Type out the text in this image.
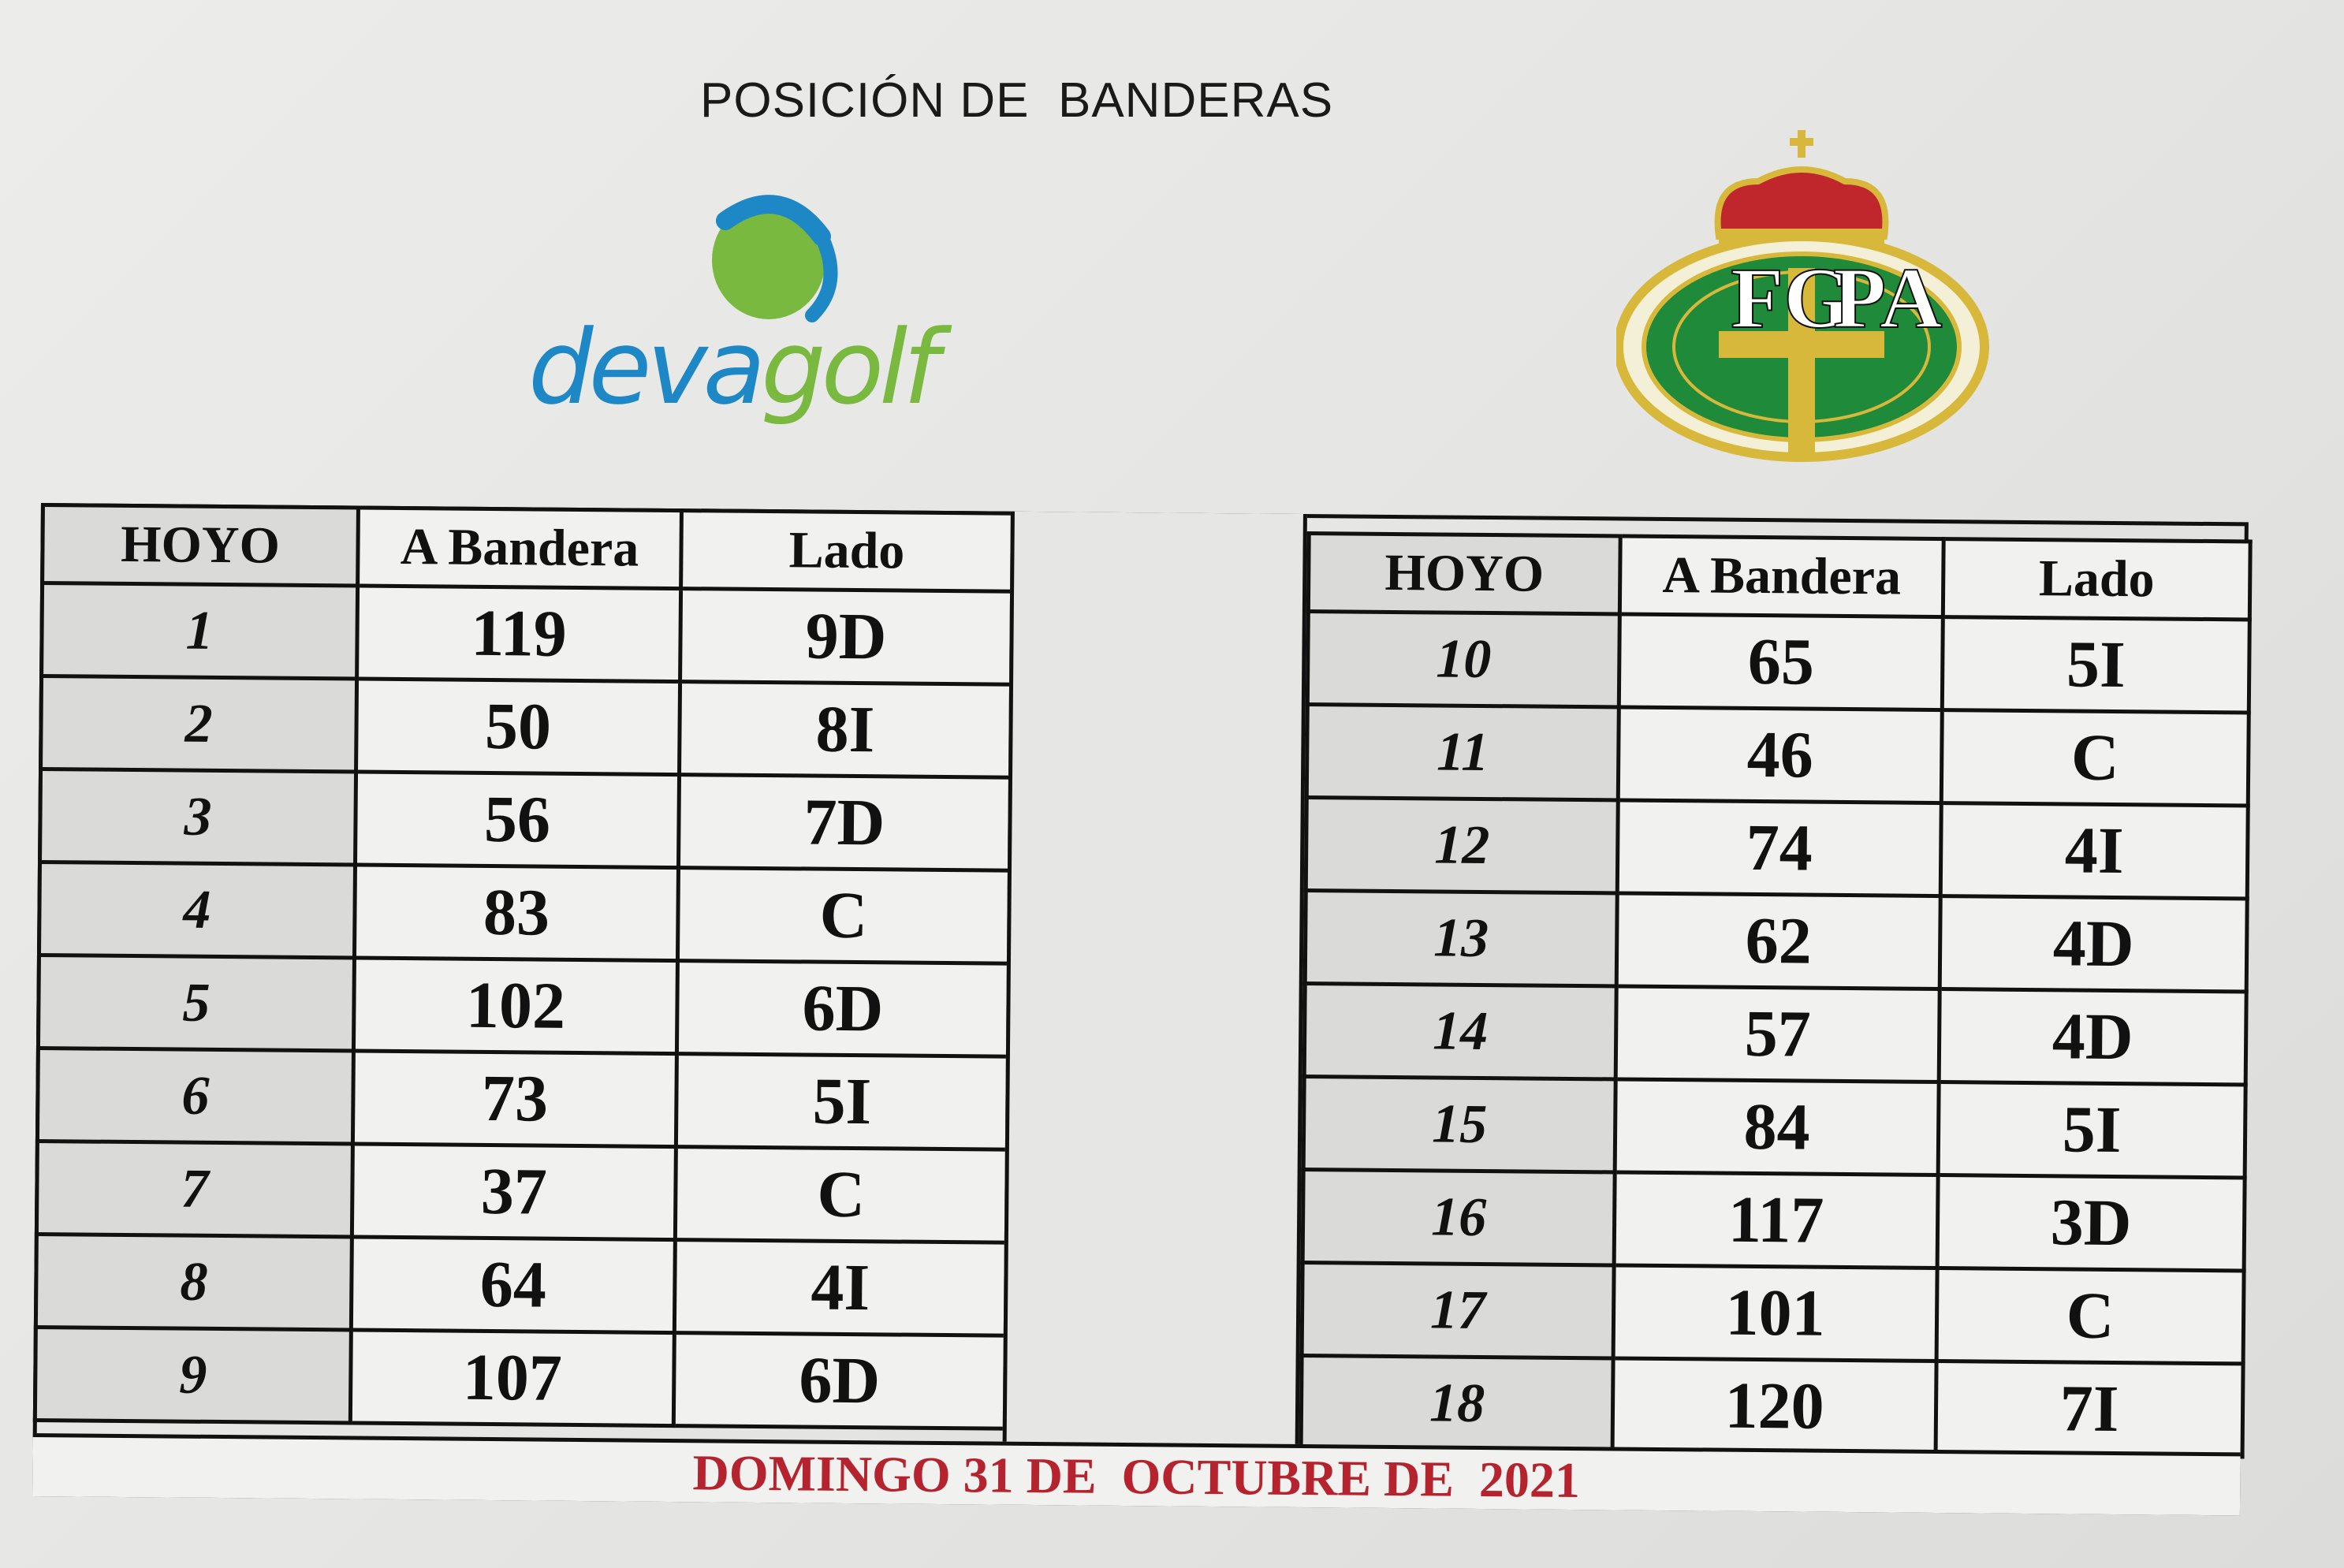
POSICIÓN DE  BANDERAS
devagolf
FG
PA
HOYO	A Bandera	Lado
1	119	9D
2	50	8I
3	56	7D
4	83	C
5	102	6D
6	73	5I
7	37	C
8	64	4I
9	107	6D
HOYO	A Bandera	Lado
10	65	5I
11	46	C
12	74	4I
13	62	4D
14	57	4D
15	84	5I
16	117	3D
17	101	C
18	120	7I
DOMINGO 31 DE  OCTUBRE DE  2021
